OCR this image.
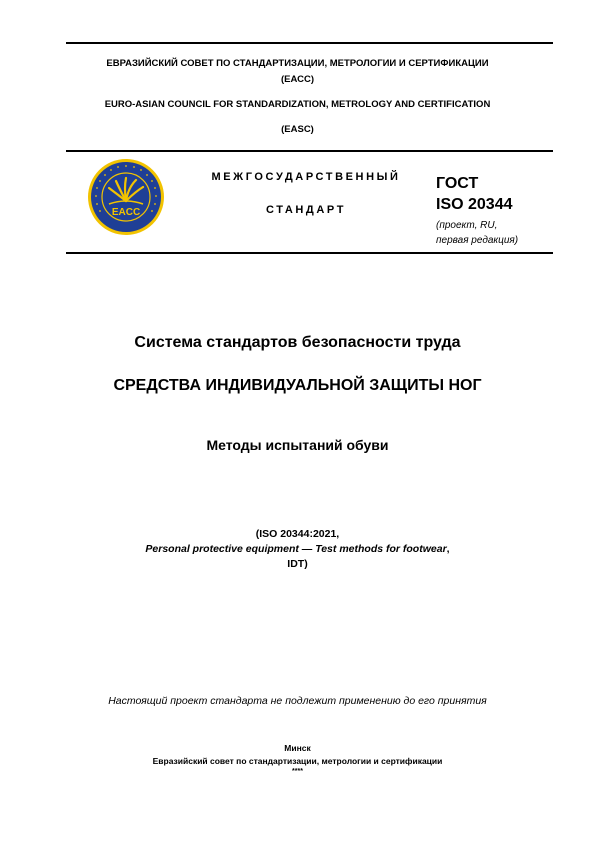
ЕВРАЗИЙСКИЙ СОВЕТ ПО СТАНДАРТИЗАЦИИ, МЕТРОЛОГИИ И СЕРТИФИКАЦИИ
(ЕАСС)
EURO-ASIAN COUNCIL FOR STANDARDIZATION, METROLOGY AND CERTIFICATION
(EASC)
EACC
МЕЖГОСУДАРСТВЕННЫЙ
СТАНДАРТ
ГОСТ
ISO 20344
(проект, RU,
первая редакция)
Система стандартов безопасности труда
СРЕДСТВА ИНДИВИДУАЛЬНОЙ ЗАЩИТЫ НОГ
Методы испытаний обуви
(ISO 20344:2021,
Personal protective equipment — Test methods for footwear,
IDT)
Настоящий проект стандарта не подлежит применению до его принятия
Минск
Евразийский совет по стандартизации, метрологии и сертификации
****
